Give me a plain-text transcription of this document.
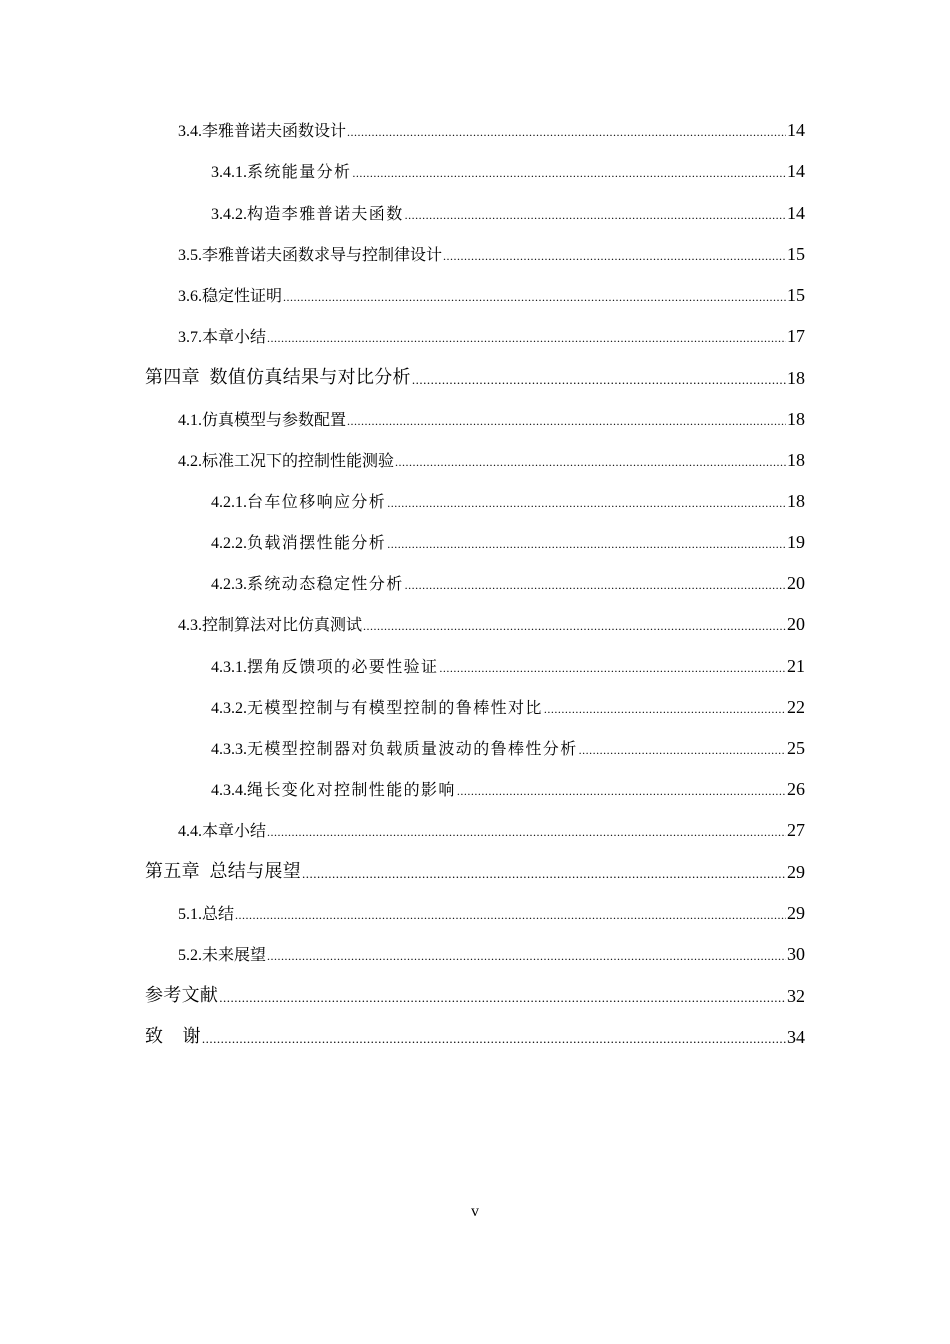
3.4. 李雅普诺夫函数设计 .....	14
3.4.1. 系统能量分析 .....	14
3.4.2. 构造李雅普诺夫函数 .....	14
3.5. 李雅普诺夫函数求导与控制律设计 .....	15
3.6. 稳定性证明 .....	15
3.7. 本章小结 .....	17
第四章  数值仿真结果与对比分析 .....	18
4.1. 仿真模型与参数配置 .....	18
4.2. 标准工况下的控制性能测验 .....	18
4.2.1. 台车位移响应分析 .....	18
4.2.2. 负载消摆性能分析 .....	19
4.2.3. 系统动态稳定性分析 .....	20
4.3. 控制算法对比仿真测试 .....	20
4.3.1. 摆角反馈项的必要性验证 .....	21
4.3.2. 无模型控制与有模型控制的鲁棒性对比 .....	22
4.3.3. 无模型控制器对负载质量波动的鲁棒性分析 .....	25
4.3.4. 绳长变化对控制性能的影响 .....	26
4.4. 本章小结 .....	27
第五章  总结与展望 .....	29
5.1. 总结 .....	29
5.2. 未来展望 .....	30
参考文献 .....	32
致    谢 .....	34
v
